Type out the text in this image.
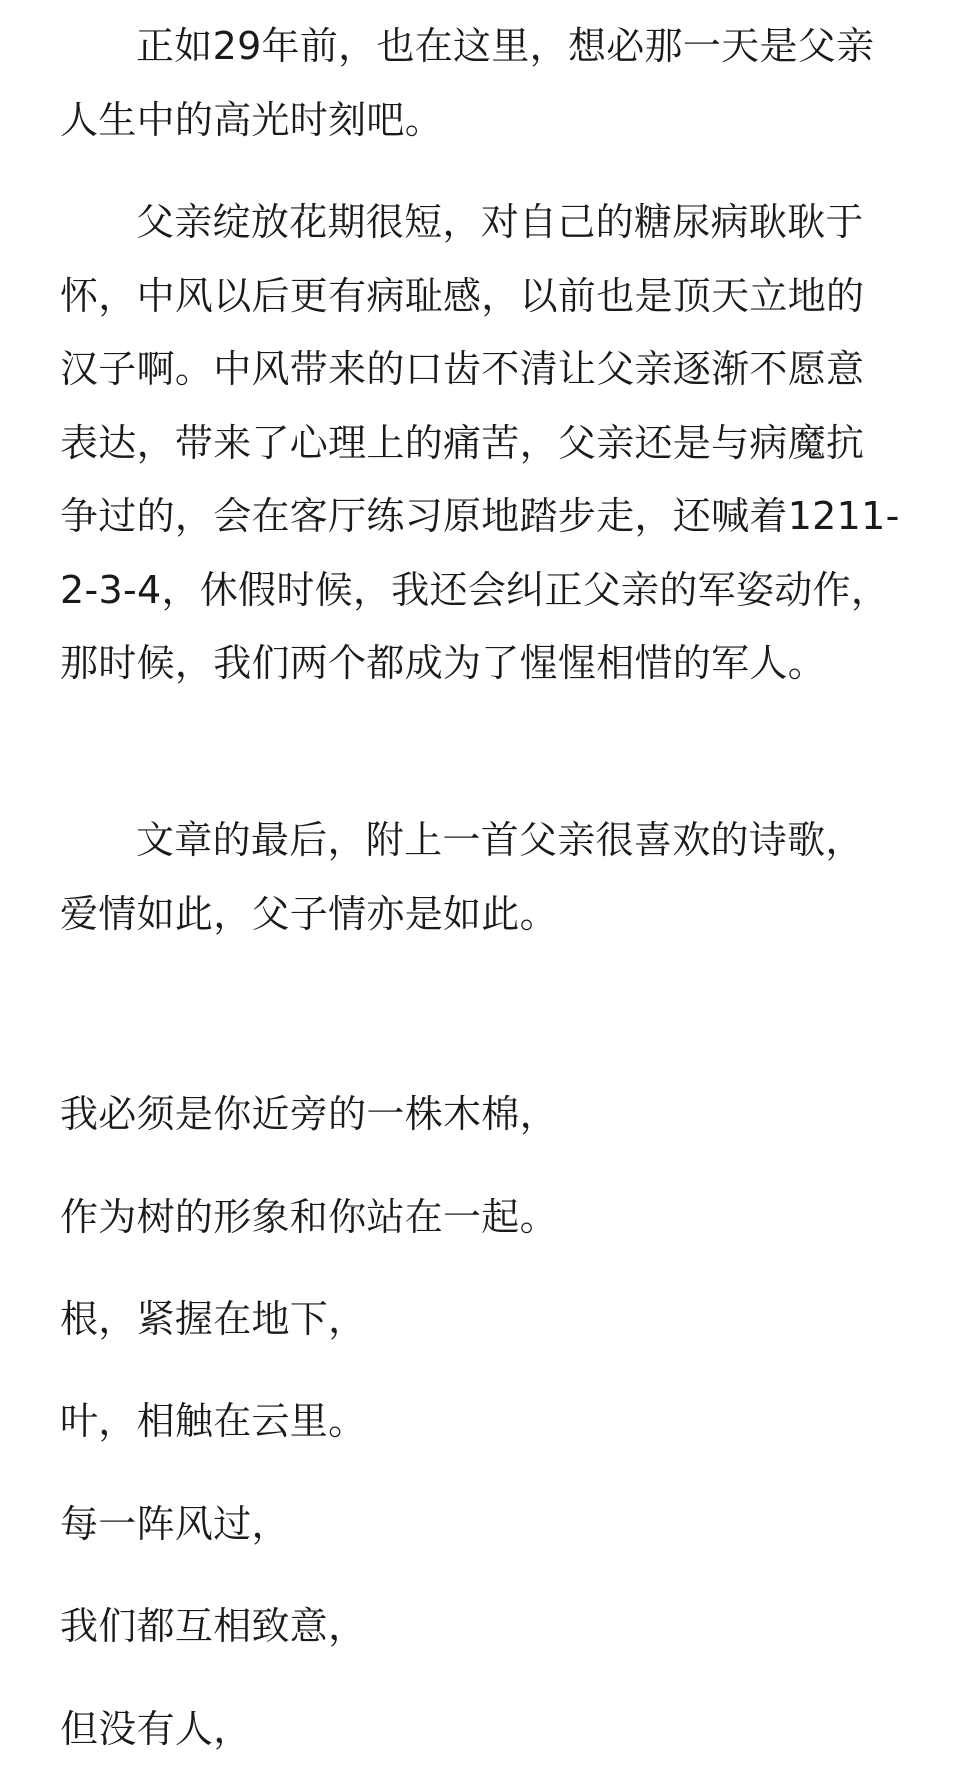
正如29年前，也在这里，想必那一天是父亲人生中的高光时刻吧。

父亲绽放花期很短，对自己的糖尿病耿耿于怀，中风以后更有病耻感，以前也是顶天立地的汉子啊。中风带来的口齿不清让父亲逐渐不愿意表达，带来了心理上的痛苦，父亲还是与病魔抗争过的，会在客厅练习原地踏步走，还喊着1211-2-3-4，休假时候，我还会纠正父亲的军姿动作，那时候，我们两个都成为了惺惺相惜的军人。

文章的最后，附上一首父亲很喜欢的诗歌，爱情如此，父子情亦是如此。

我必须是你近旁的一株木棉，

作为树的形象和你站在一起。

根，紧握在地下，

叶，相触在云里。

每一阵风过，

我们都互相致意，

但没有人，
